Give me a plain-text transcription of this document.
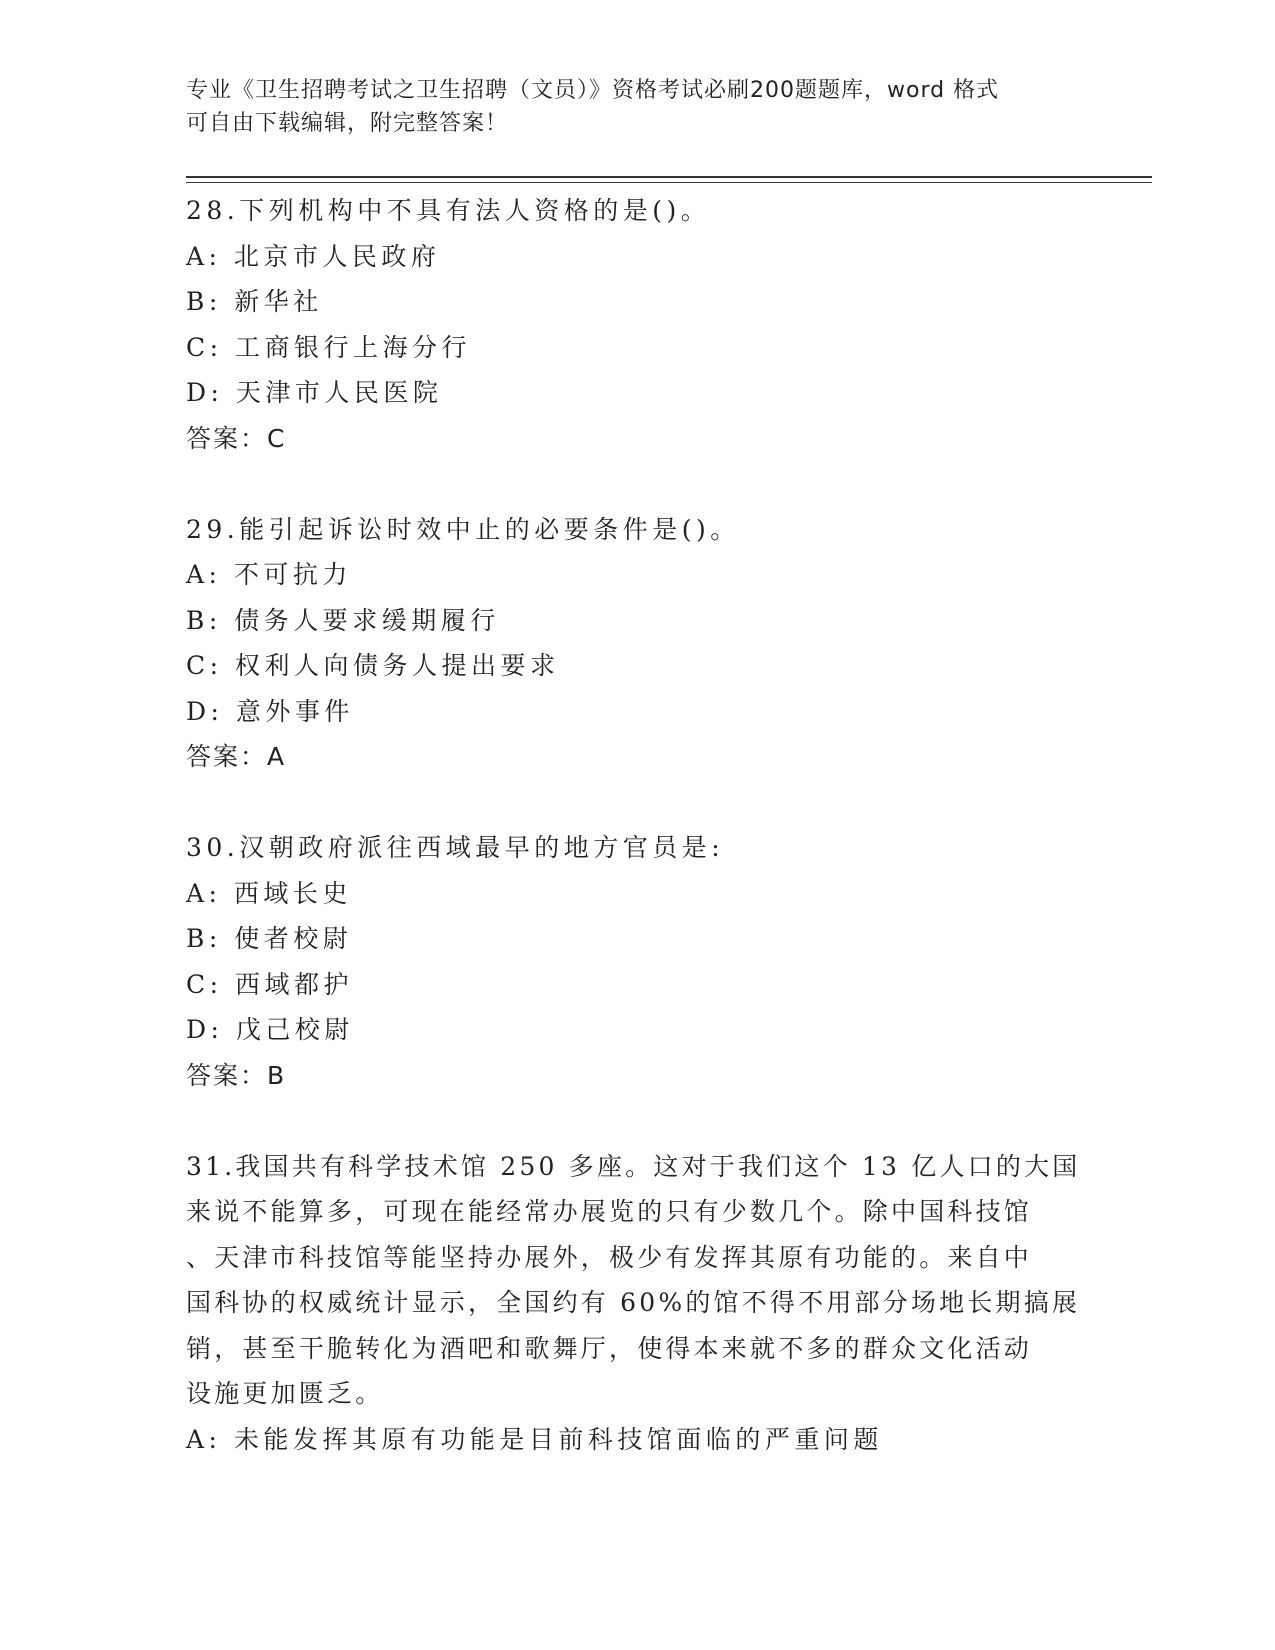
专业《卫生招聘考试之卫生招聘（文员）》资格考试必刷200题题库，word 格式
可自由下载编辑，附完整答案！
28.下列机构中不具有法人资格的是()。
A: 北京市人民政府
B: 新华社
C: 工商银行上海分行
D: 天津市人民医院
答案：C
29.能引起诉讼时效中止的必要条件是()。
A: 不可抗力
B: 债务人要求缓期履行
C: 权利人向债务人提出要求
D: 意外事件
答案：A
30.汉朝政府派往西域最早的地方官员是:
A: 西域长史
B: 使者校尉
C: 西域都护
D: 戊己校尉
答案：B
31.我国共有科学技术馆 250 多座。这对于我们这个 13 亿人口的大国
来说不能算多，可现在能经常办展览的只有少数几个。除中国科技馆
、天津市科技馆等能坚持办展外，极少有发挥其原有功能的。来自中
国科协的权威统计显示，全国约有 60%的馆不得不用部分场地长期搞展
销，甚至干脆转化为酒吧和歌舞厅，使得本来就不多的群众文化活动
设施更加匮乏。
A: 未能发挥其原有功能是目前科技馆面临的严重问题
